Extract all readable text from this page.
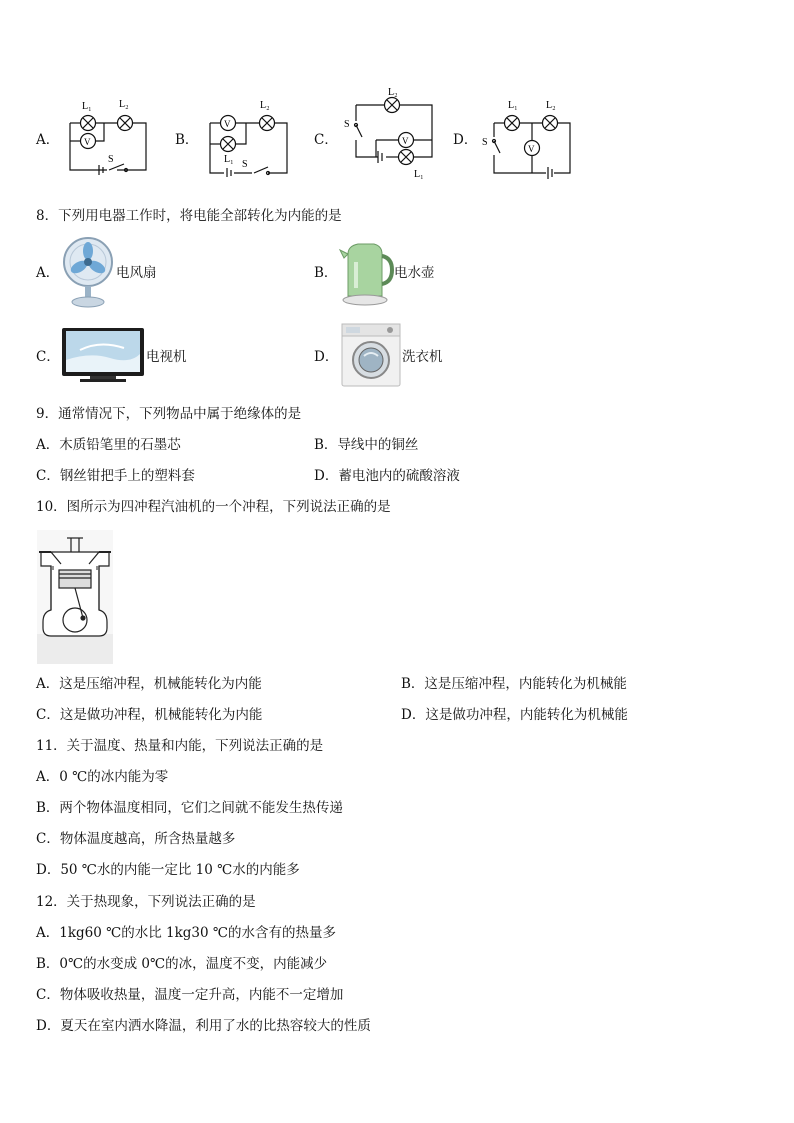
A．	B．	C．	D．
L₁	L₂
V
S
V
L₂
L₁ S
L₂
S
V
L₁
L₁	L₂
S
V
8．下列用电器工作时，将电能全部转化为内能的是
A．	电风扇	B．	电水壶
C．	电视机	D．	洗衣机
9．通常情况下，下列物品中属于绝缘体的是
A．木质铅笔里的石墨芯	B．导线中的铜丝
C．钢丝钳把手上的塑料套	D．蓄电池内的硫酸溶液
10．图所示为四冲程汽油机的一个冲程，下列说法正确的是
A．这是压缩冲程，机械能转化为内能	B．这是压缩冲程，内能转化为机械能
C．这是做功冲程，机械能转化为内能	D．这是做功冲程，内能转化为机械能
11．关于温度、热量和内能，下列说法正确的是
A．0 ℃的冰内能为零
B．两个物体温度相同，它们之间就不能发生热传递
C．物体温度越高，所含热量越多
D．50 ℃水的内能一定比 10 ℃水的内能多
12．关于热现象，下列说法正确的是
A．1kg60 ℃的水比 1kg30 ℃的水含有的热量多
B．0℃的水变成 0℃的冰，温度不变，内能减少
C．物体吸收热量，温度一定升高，内能不一定增加
D．夏天在室内洒水降温，利用了水的比热容较大的性质
